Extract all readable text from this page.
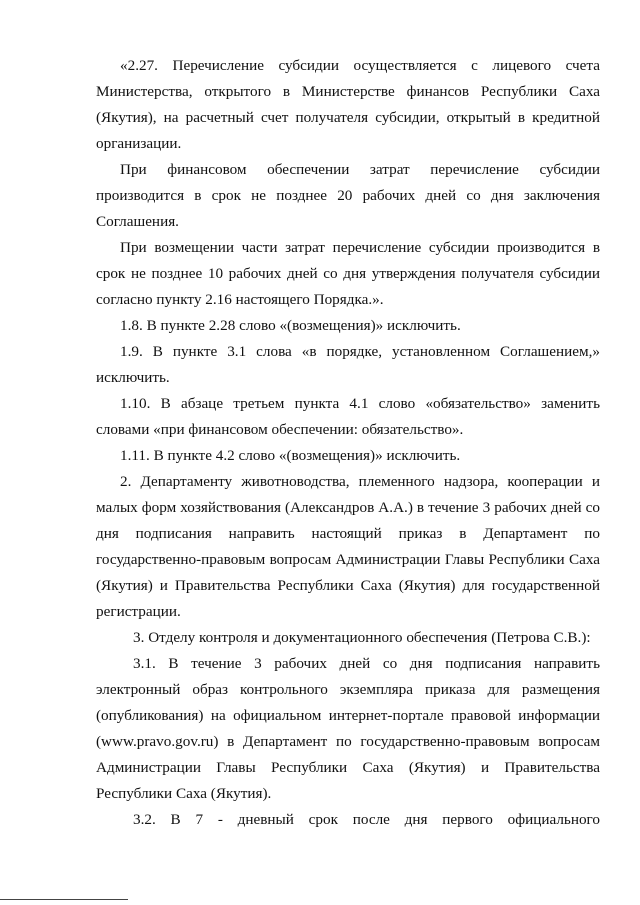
«2.27. Перечисление субсидии осуществляется с лицевого счета
Министерства, открытого в Министерстве финансов Республики Саха
(Якутия), на расчетный счет получателя субсидии, открытый в кредитной
организации.
При финансовом обеспечении затрат перечисление субсидии
производится в срок не позднее 20 рабочих дней со дня заключения
Соглашения.
При возмещении части затрат перечисление субсидии производится в
срок не позднее 10 рабочих дней со дня утверждения получателя субсидии
согласно пункту 2.16 настоящего Порядка.».
1.8. В пункте 2.28 слово «(возмещения)» исключить.
1.9. В пункте 3.1 слова «в порядке, установленном Соглашением,»
исключить.
1.10. В абзаце третьем пункта 4.1 слово «обязательство» заменить
словами «при финансовом обеспечении: обязательство».
1.11. В пункте 4.2 слово «(возмещения)» исключить.
2. Департаменту животноводства, племенного надзора, кооперации и
малых форм хозяйствования (Александров А.А.) в течение 3 рабочих дней со
дня подписания направить настоящий приказ в Департамент по
государственно-правовым вопросам Администрации Главы Республики Саха
(Якутия) и Правительства Республики Саха (Якутия) для государственной
регистрации.
3. Отделу контроля и документационного обеспечения (Петрова С.В.):
3.1. В течение 3 рабочих дней со дня подписания направить
электронный образ контрольного экземпляра приказа для размещения
(опубликования) на официальном интернет-портале правовой информации
(www.pravo.gov.ru) в Департамент по государственно-правовым вопросам
Администрации Главы Республики Саха (Якутия) и Правительства
Республики Саха (Якутия).
3.2. В 7 - дневный срок после дня первого официального
